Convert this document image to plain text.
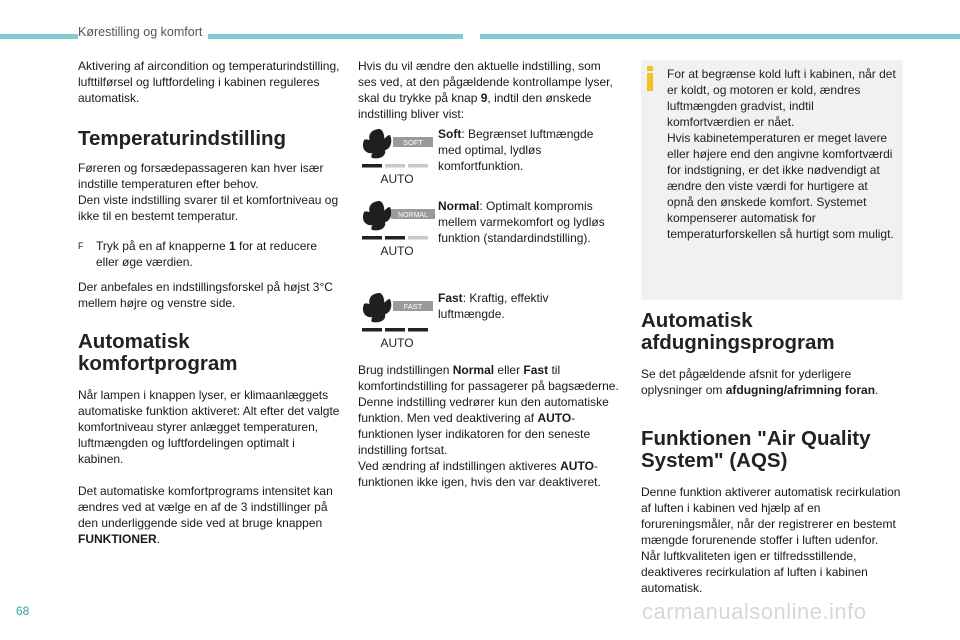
Kørestilling og komfort

Aktivering af aircondition og temperaturindstilling, lufttilførsel og luftfordeling i kabinen reguleres automatisk.

Temperaturindstilling

Føreren og forsædepassageren kan hver især indstille temperaturen efter behov.

Den viste indstilling svarer til et komfortniveau og ikke til en bestemt temperatur.

F	Tryk på en af knapperne 1 for at reducere eller øge værdien.

Der anbefales en indstillingsforskel på højst 3°C mellem højre og venstre side.

Automatisk
komfortprogram

Når lampen i knappen lyser, er klimaanlæggets automatiske funktion aktiveret: Alt efter det valgte komfortniveau styrer anlægget temperaturen, luftmængden og luftfordelingen optimalt i kabinen.

Det automatiske komfortprograms intensitet kan ændres ved at vælge en af de 3 indstillinger på den underliggende side ved at bruge knappen FUNKTIONER.

Hvis du vil ændre den aktuelle indstilling, som ses ved, at den pågældende kontrollampe lyser, skal du trykke på knap 9, indtil den ønskede indstilling bliver vist:

SOFT
AUTO
Soft: Begrænset luftmængde med optimal, lydløs komfortfunktion.
NORMAL
AUTO
Normal: Optimalt kompromis mellem varmekomfort og lydløs funktion (standardindstilling).
FAST
AUTO
Fast: Kraftig, effektiv luftmængde.

Brug indstillingen Normal eller Fast til komfortindstilling for passagerer på bagsæderne.

Denne indstilling vedrører kun den automatiske funktion. Men ved deaktivering af AUTO-funktionen lyser indikatoren for den seneste indstilling fortsat.

Ved ændring af indstillingen aktiveres AUTO-funktionen ikke igen, hvis den var deaktiveret.

For at begrænse kold luft i kabinen, når det er koldt, og motoren er kold, ændres luftmængden gradvist, indtil komfortværdien er nået.

Hvis kabinetemperaturen er meget lavere eller højere end den angivne komfortværdi for indstigning, er det ikke nødvendigt at ændre den viste værdi for hurtigere at opnå den ønskede komfort. Systemet kompenserer automatisk for temperaturforskellen så hurtigt som muligt.

Automatisk
afdugningsprogram

Se det pågældende afsnit for yderligere oplysninger om afdugning/afrimning foran.

Funktionen "Air Quality
System" (AQS)

Denne funktion aktiverer automatisk recirkulation af luften i kabinen ved hjælp af en forureningsmåler, når der registrerer en bestemt mængde forurenende stoffer i luften udenfor.

Når luftkvaliteten igen er tilfredsstillende, deaktiveres recirkulation af luften i kabinen automatisk.

68	carmanualsonline.info
